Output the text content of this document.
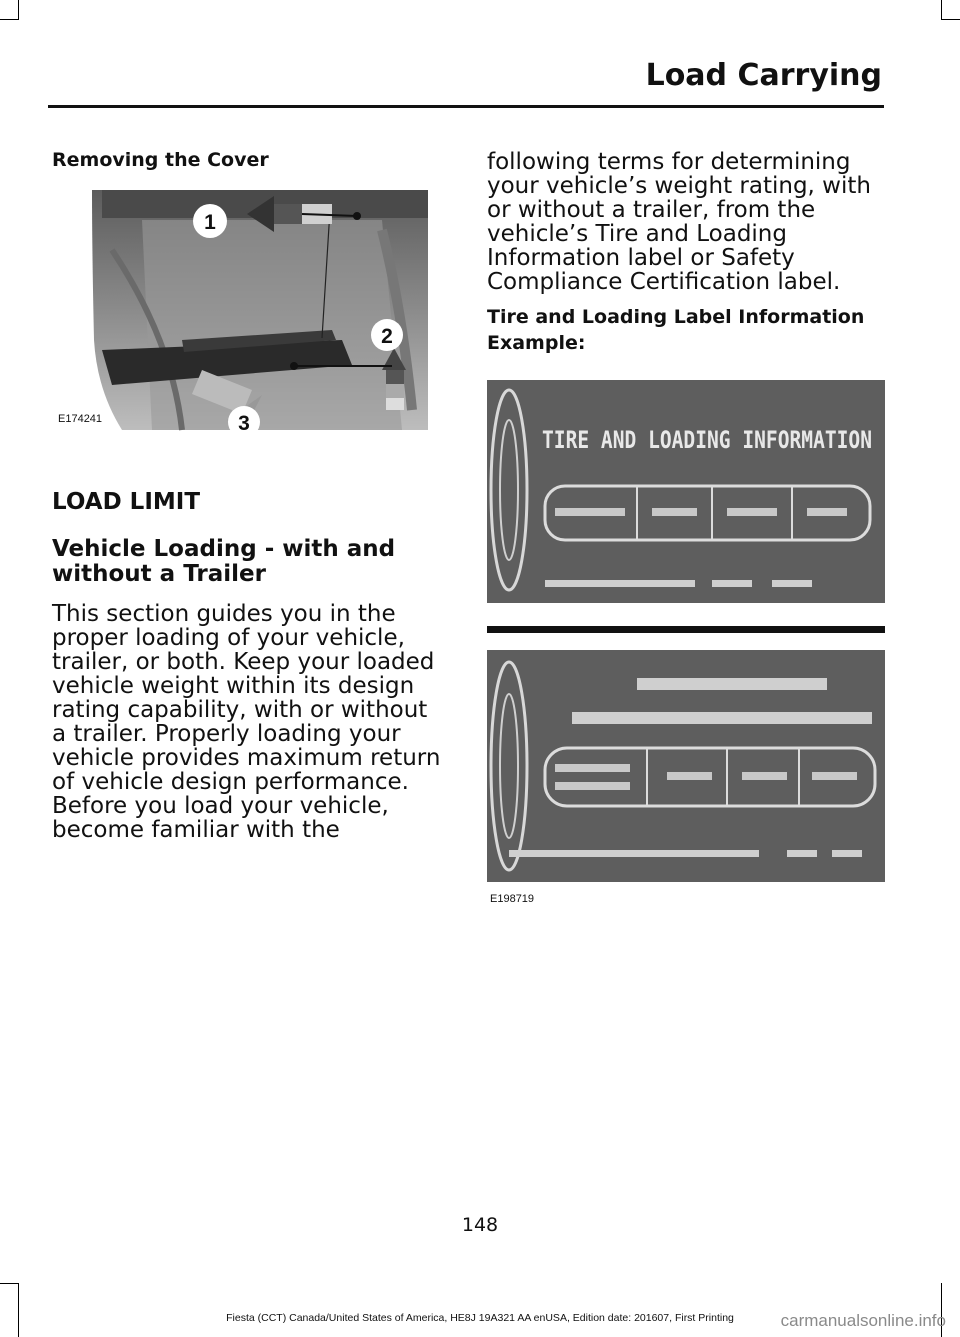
Load Carrying
Removing the Cover
1
2
3
E174241
LOAD LIMIT
Vehicle Loading - with and without a Trailer
This section guides you in the
proper loading of your vehicle,
trailer, or both. Keep your loaded
vehicle weight within its design
rating capability, with or without
a trailer. Properly loading your
vehicle provides maximum return
of vehicle design performance.
Before you load your vehicle,
become familiar with the
following terms for determining
your vehicle’s weight rating, with
or without a trailer, from the
vehicle’s Tire and Loading
Information label or Safety
Compliance Certification label.
Tire and Loading Label Information
Example:
TIRE AND LOADING INFORMATION
E198719
148
Fiesta (CCT) Canada/United States of America, HE8J 19A321 AA enUSA, Edition date: 201607, First Printing	carmanualsonline.info
